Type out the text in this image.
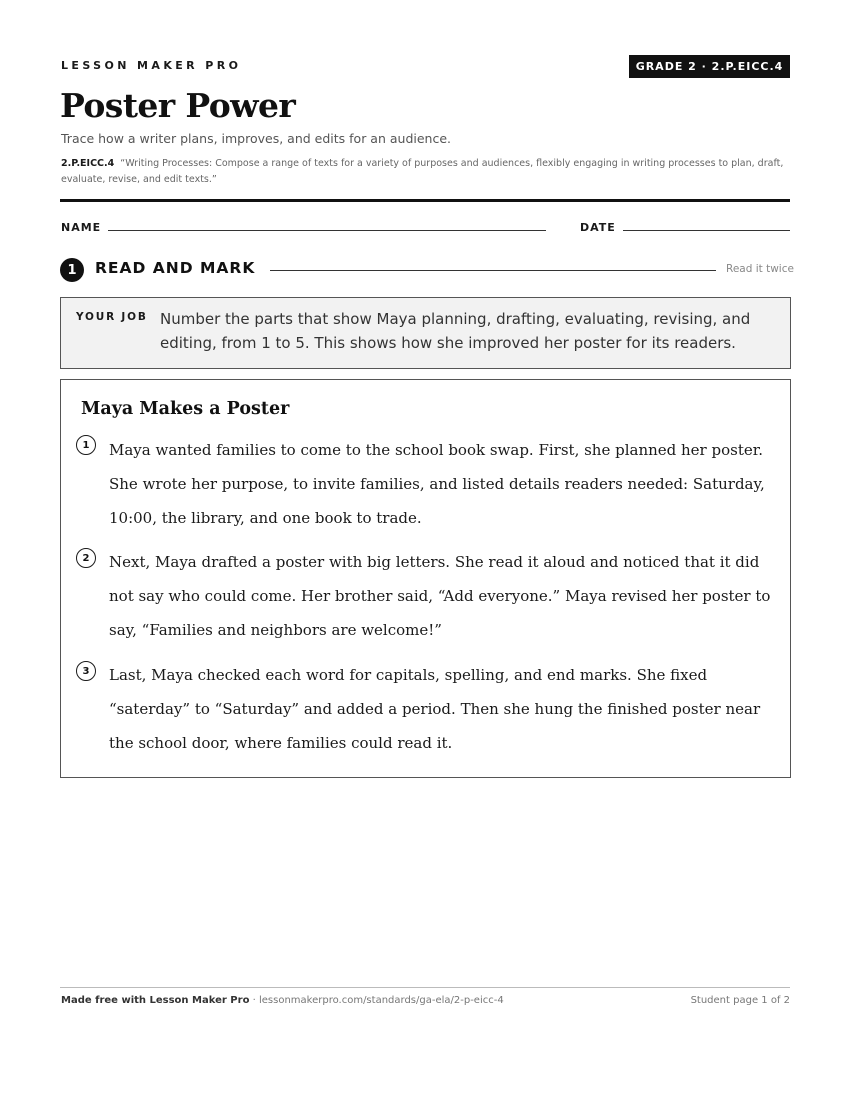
LESSON MAKER PRO	GRADE 2 · 2.P.EICC.4
Poster Power
Trace how a writer plans, improves, and edits for an audience.
2.P.EICC.4 “Writing Processes: Compose a range of texts for a variety of purposes and audiences, flexibly engaging in writing processes to plan, draft, evaluate, revise, and edit texts.”
NAME	DATE
1	READ AND MARK	Read it twice
YOUR JOB Number the parts that show Maya planning, drafting, evaluating, revising, and editing, from 1 to 5. This shows how she improved her poster for its readers.
Maya Makes a Poster
1	Maya wanted families to come to the school book swap. First, she planned her poster. She wrote her purpose, to invite families, and listed details readers needed: Saturday, 10:00, the library, and one book to trade.
2	Next, Maya drafted a poster with big letters. She read it aloud and noticed that it did not say who could come. Her brother said, “Add everyone.” Maya revised her poster to say, “Families and neighbors are welcome!”
3	Last, Maya checked each word for capitals, spelling, and end marks. She fixed “saterday” to “Saturday” and added a period. Then she hung the finished poster near the school door, where families could read it.
Made free with Lesson Maker Pro · lessonmakerpro.com/standards/ga-ela/2-p-eicc-4	Student page 1 of 2
